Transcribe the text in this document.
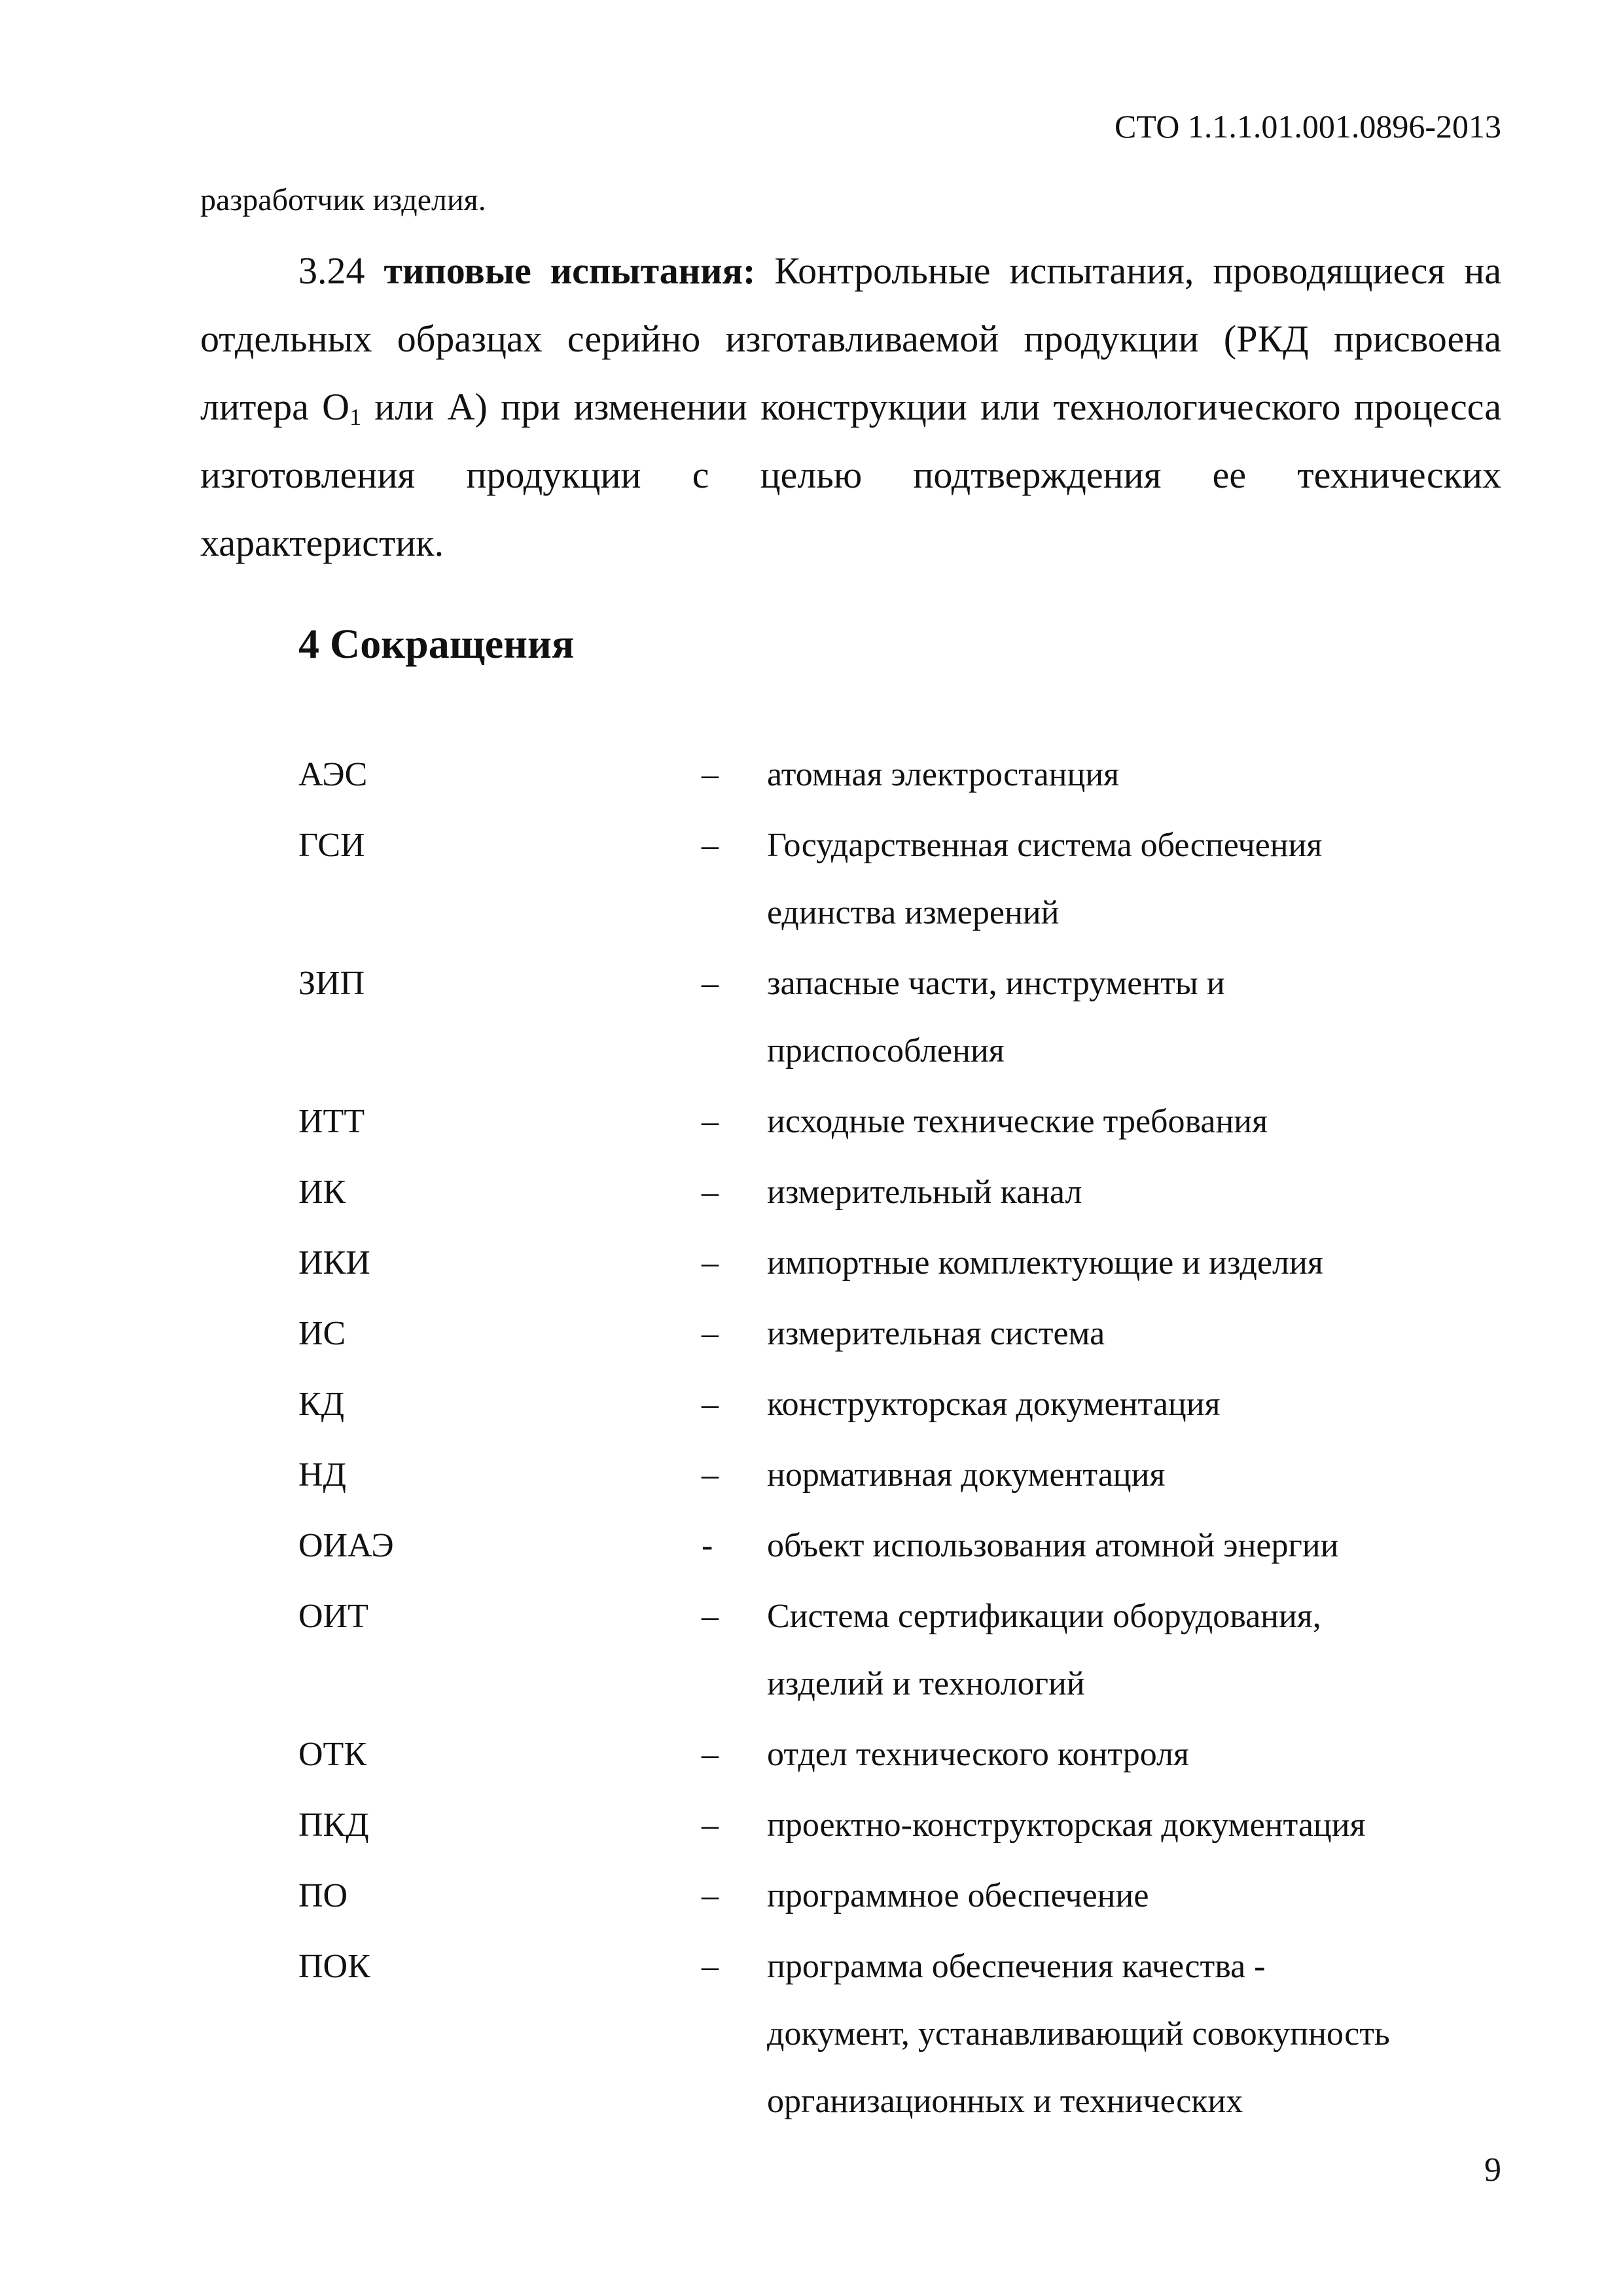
СТО 1.1.1.01.001.0896-2013
разработчик изделия.
3.24 типовые испытания: Контрольные испытания, проводящиеся на
отдельных образцах серийно изготавливаемой продукции (РКД присвоена
литера $О_1$ или А) при изменении конструкции или технологического процесса
изготовления продукции с целью подтверждения ее технических
характеристик.
4 Сокращения
АЭС	–	атомная электростанция
ГСИ	–	Государственная система обеспечения
единства измерений
ЗИП	–	запасные части, инструменты и
приспособления
ИТТ	–	исходные технические требования
ИК	–	измерительный канал
ИКИ	–	импортные комплектующие и изделия
ИС	–	измерительная система
КД	–	конструкторская документация
НД	–	нормативная документация
ОИАЭ	-	объект использования атомной энергии
ОИТ	–	Система сертификации оборудования,
изделий и технологий
ОТК	–	отдел технического контроля
ПКД	–	проектно-конструкторская документация
ПО	–	программное обеспечение
ПОК	–	программа обеспечения качества -
документ, устанавливающий совокупность
организационных и технических
9
